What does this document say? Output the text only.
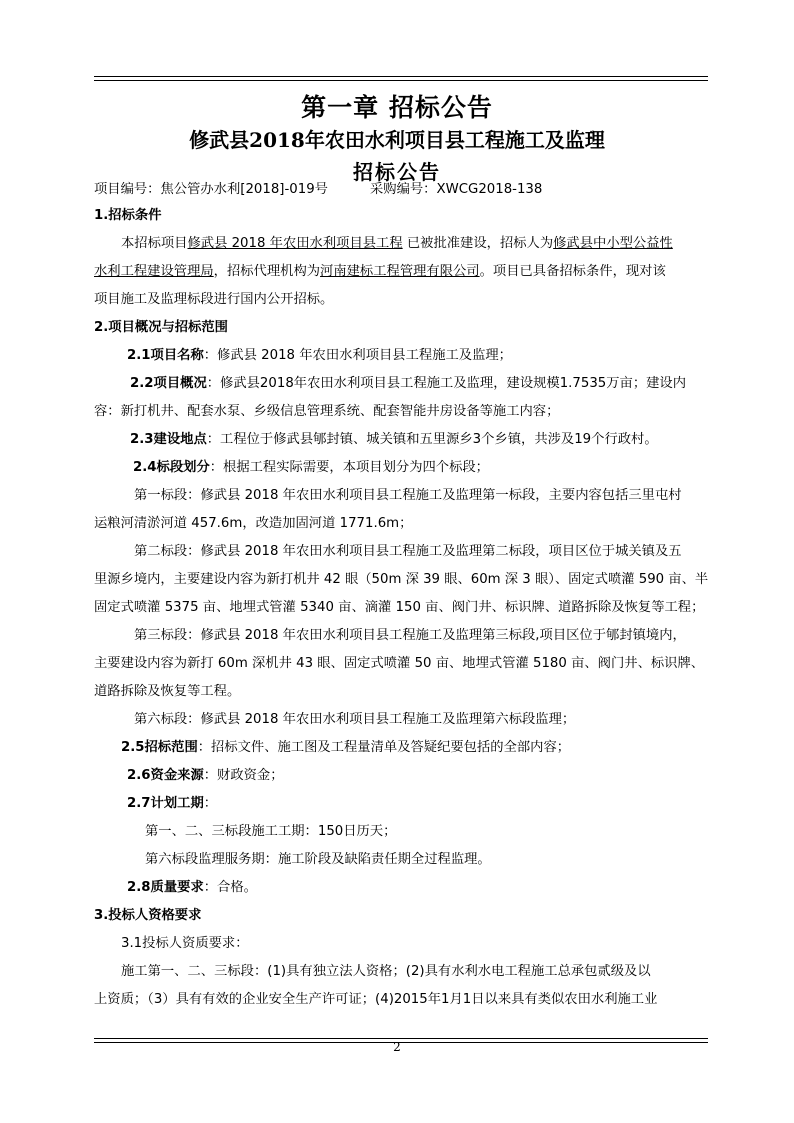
第一章 招标公告
修武县2018年农田水利项目县工程施工及监理
招标公告
项目编号：焦公管办水利[2018]-019号	采购编号：XWCG2018-138
1.招标条件
本招标项目修武县 2018 年农田水利项目县工程 已被批准建设，招标人为修武县中小型公益性
水利工程建设管理局，招标代理机构为河南建标工程管理有限公司。项目已具备招标条件，现对该
项目施工及监理标段进行国内公开招标。
2.项目概况与招标范围
2.1项目名称：修武县 2018 年农田水利项目县工程施工及监理；
2.2项目概况：修武县2018年农田水利项目县工程施工及监理，建设规模1.7535万亩；建设内
容：新打机井、配套水泵、乡级信息管理系统、配套智能井房设备等施工内容；
2.3建设地点：工程位于修武县郇封镇、城关镇和五里源乡3个乡镇，共涉及19个行政村。
2.4标段划分：根据工程实际需要，本项目划分为四个标段；
第一标段：修武县 2018 年农田水利项目县工程施工及监理第一标段，主要内容包括三里屯村
运粮河清淤河道 457.6m，改造加固河道 1771.6m；
第二标段：修武县 2018 年农田水利项目县工程施工及监理第二标段，项目区位于城关镇及五
里源乡境内，主要建设内容为新打机井 42 眼（50m 深 39 眼、60m 深 3 眼）、固定式喷灌 590 亩、半
固定式喷灌 5375 亩、地埋式管灌 5340 亩、滴灌 150 亩、阀门井、标识牌、道路拆除及恢复等工程；
第三标段：修武县 2018 年农田水利项目县工程施工及监理第三标段,项目区位于郇封镇境内，
主要建设内容为新打 60m 深机井 43 眼、固定式喷灌 50 亩、地埋式管灌 5180 亩、阀门井、标识牌、
道路拆除及恢复等工程。
第六标段：修武县 2018 年农田水利项目县工程施工及监理第六标段监理；
2.5招标范围：招标文件、施工图及工程量清单及答疑纪要包括的全部内容；
2.6资金来源：财政资金；
2.7计划工期：
第一、二、三标段施工工期：150日历天；
第六标段监理服务期：施工阶段及缺陷责任期全过程监理。
2.8质量要求：合格。
3.投标人资格要求
3.1投标人资质要求：
施工第一、二、三标段：(1)具有独立法人资格；(2)具有水利水电工程施工总承包贰级及以
上资质；（3）具有有效的企业安全生产许可证；(4)2015年1月1日以来具有类似农田水利施工业
2
